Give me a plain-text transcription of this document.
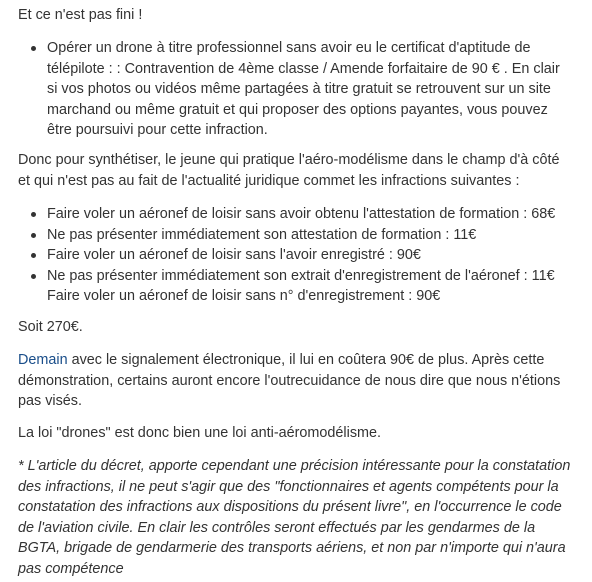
Et ce n'est pas fini !

Opérer un drone à titre professionnel sans avoir eu le certificat d'aptitude de télépilote : : Contravention de 4ème classe / Amende forfaitaire de 90 € . En clair si vos photos ou vidéos même partagées à titre gratuit se retrouvent sur un site marchand ou même gratuit et qui proposer des options payantes, vous pouvez être poursuivi pour cette infraction.

Donc pour synthétiser, le jeune qui pratique l'aéro-modélisme dans le champ d'à côté et qui n'est pas au fait de l'actualité juridique commet les infractions suivantes :

Faire voler un aéronef de loisir sans avoir obtenu l'attestation de formation : 68€
Ne pas présenter immédiatement son attestation de formation : 11€
Faire voler un aéronef de loisir sans l'avoir enregistré : 90€
Ne pas présenter immédiatement son extrait d'enregistrement de l'aéronef : 11€
Faire voler un aéronef de loisir sans n° d'enregistrement : 90€

Soit 270€.

Demain avec le signalement électronique, il lui en coûtera 90€ de plus. Après cette démonstration, certains auront encore l'outrecuidance de nous dire que nous n'étions pas visés.

La loi "drones" est donc bien une loi anti-aéromodélisme.

* L'article du décret, apporte cependant une précision intéressante pour la constatation des infractions, il ne peut s'agir que des "fonctionnaires et agents compétents pour la constatation des infractions aux dispositions du présent livre", en l'occurrence le code de l'aviation civile. En clair les contrôles seront effectués par les gendarmes de la BGTA, brigade de gendarmerie des transports aériens, et non par n'importe qui n'aura pas compétence
